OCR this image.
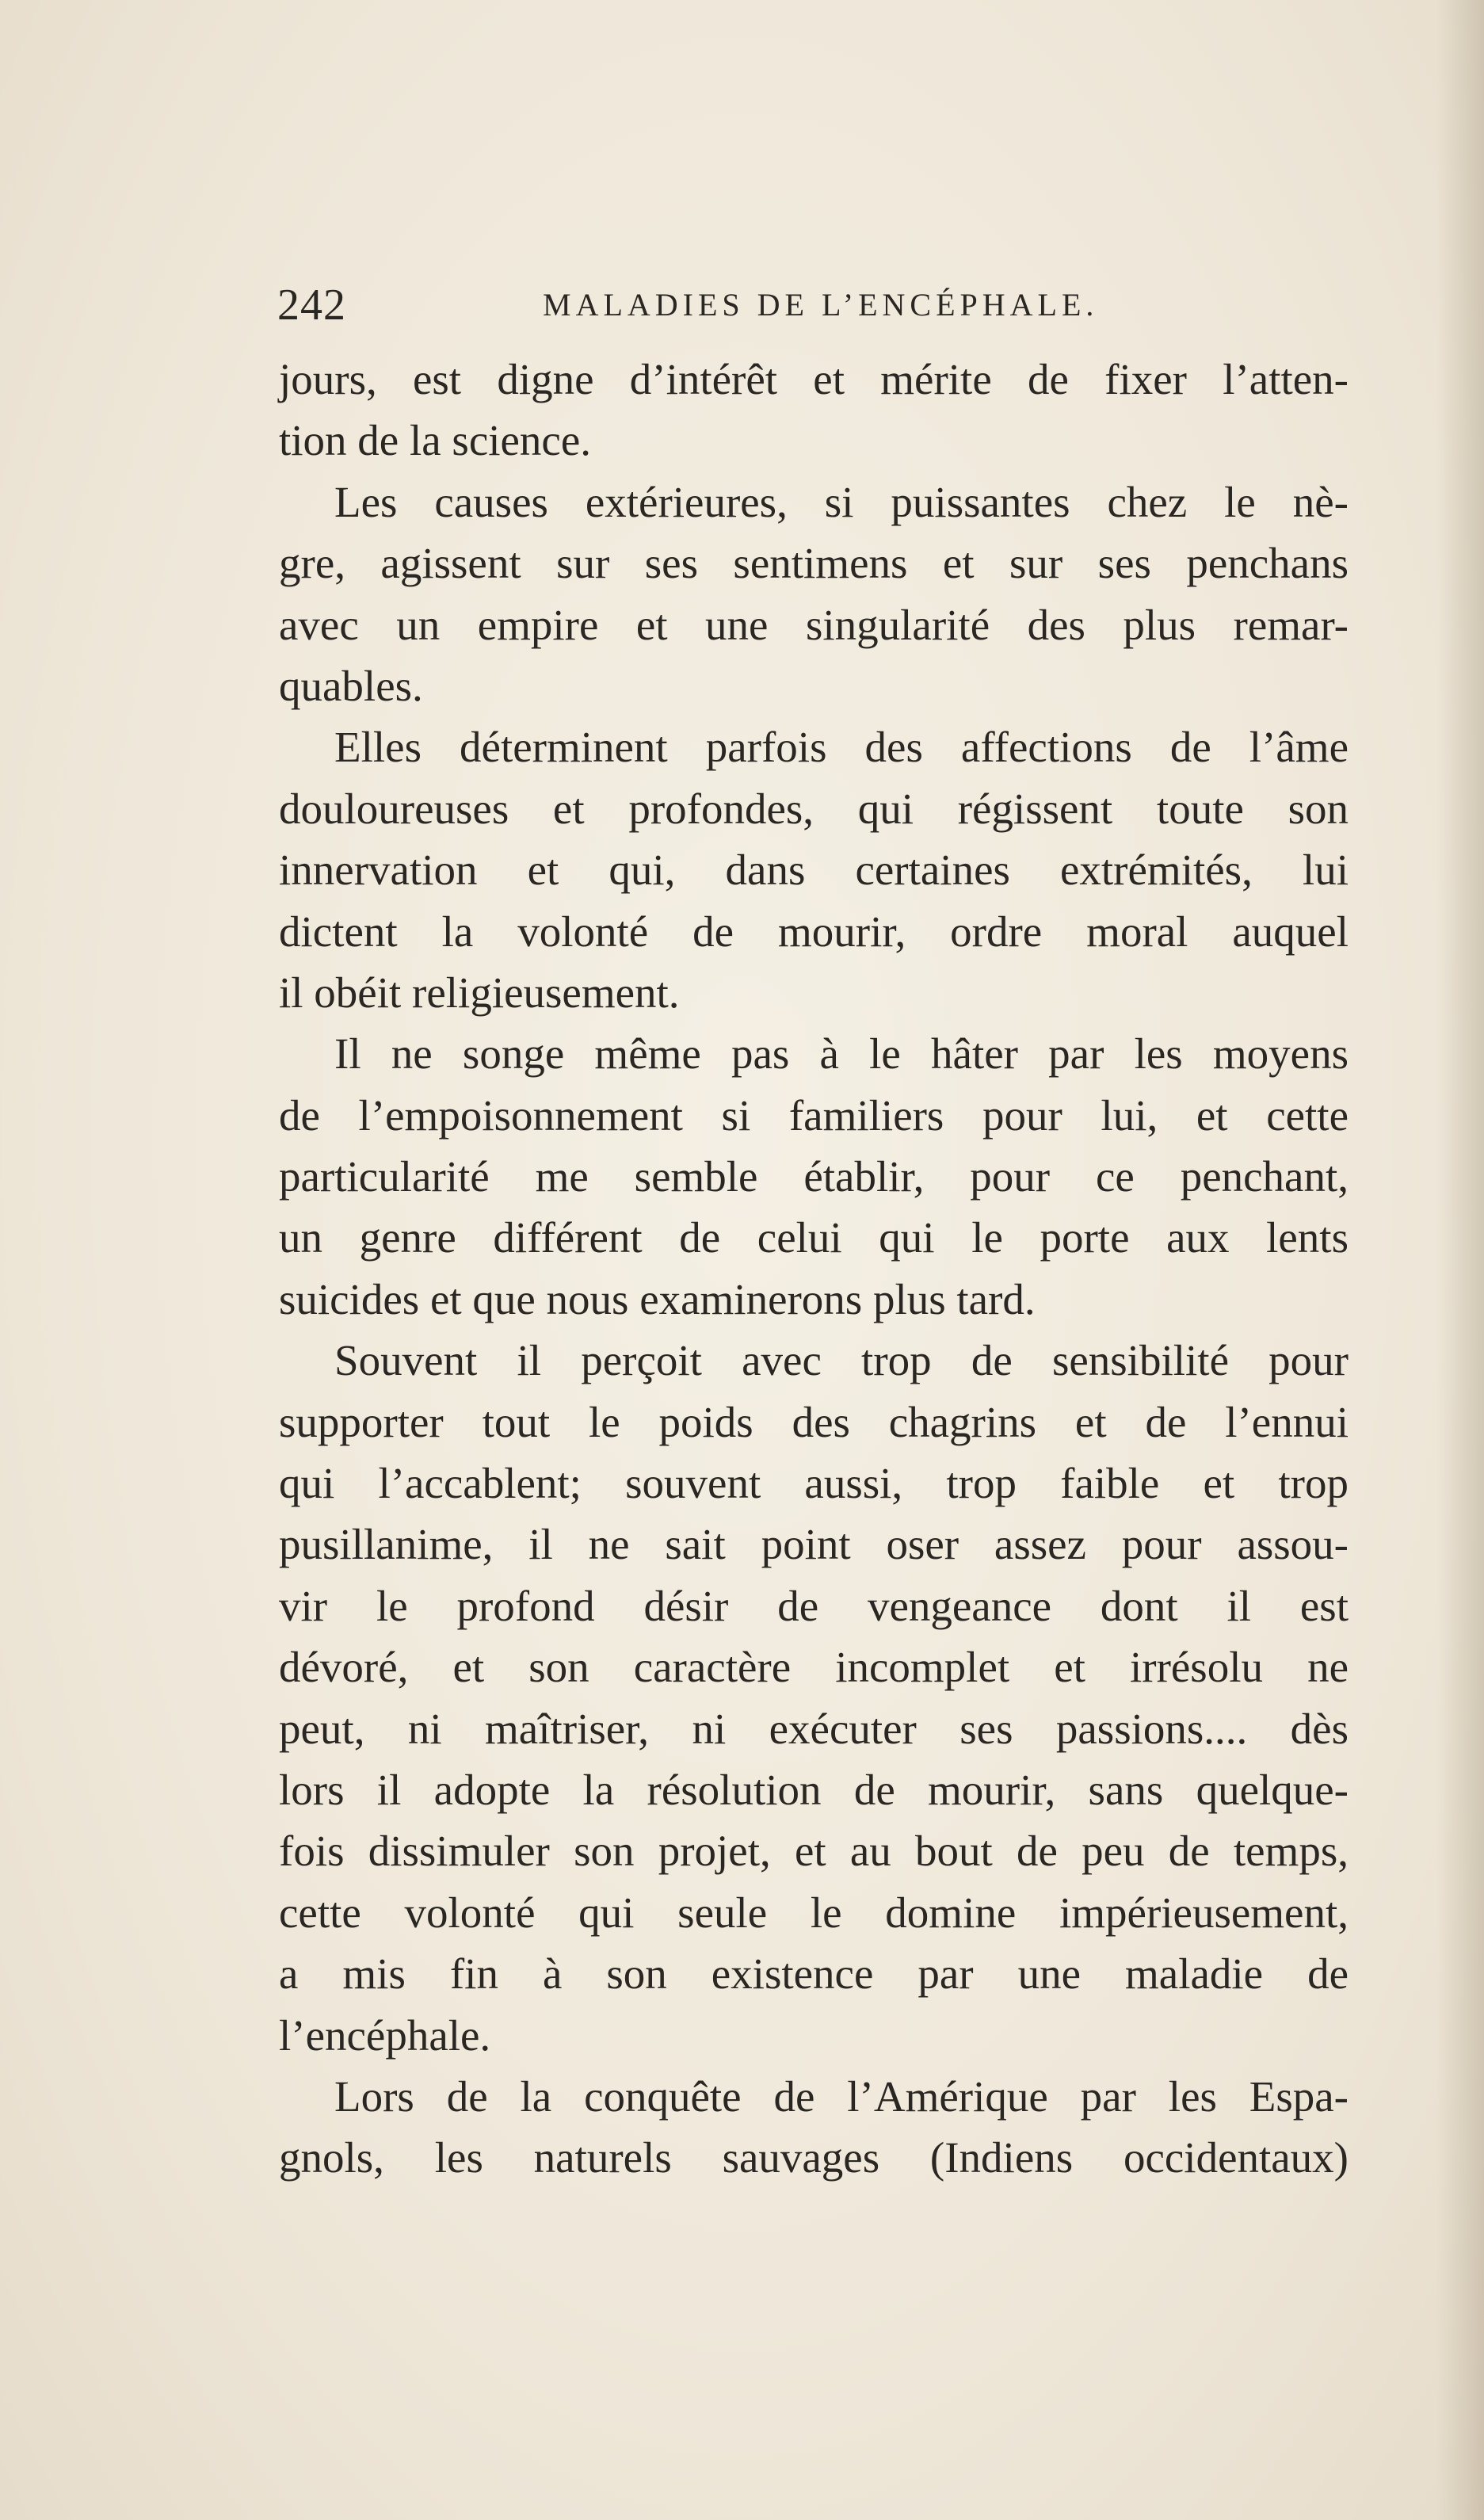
242	MALADIES DE L’ENCÉPHALE.
jours, est digne d’intérêt et mérite de fixer l’atten-
tion de la science.
Les causes extérieures, si puissantes chez le nè-
gre, agissent sur ses sentimens et sur ses penchans
avec un empire et une singularité des plus remar-
quables.
Elles déterminent parfois des affections de l’âme
douloureuses et profondes, qui régissent toute son
innervation et qui, dans certaines extrémités, lui
dictent la volonté de mourir, ordre moral auquel
il obéit religieusement.
Il ne songe même pas à le hâter par les moyens
de l’empoisonnement si familiers pour lui, et cette
particularité me semble établir, pour ce penchant,
un genre différent de celui qui le porte aux lents
suicides et que nous examinerons plus tard.
Souvent il perçoit avec trop de sensibilité pour
supporter tout le poids des chagrins et de l’ennui
qui l’accablent; souvent aussi, trop faible et trop
pusillanime, il ne sait point oser assez pour assou-
vir le profond désir de vengeance dont il est
dévoré, et son caractère incomplet et irrésolu ne
peut, ni maîtriser, ni exécuter ses passions.... dès
lors il adopte la résolution de mourir, sans quelque-
fois dissimuler son projet, et au bout de peu de temps,
cette volonté qui seule le domine impérieusement,
a mis fin à son existence par une maladie de
l’encéphale.
Lors de la conquête de l’Amérique par les Espa-
gnols, les naturels sauvages (Indiens occidentaux)
